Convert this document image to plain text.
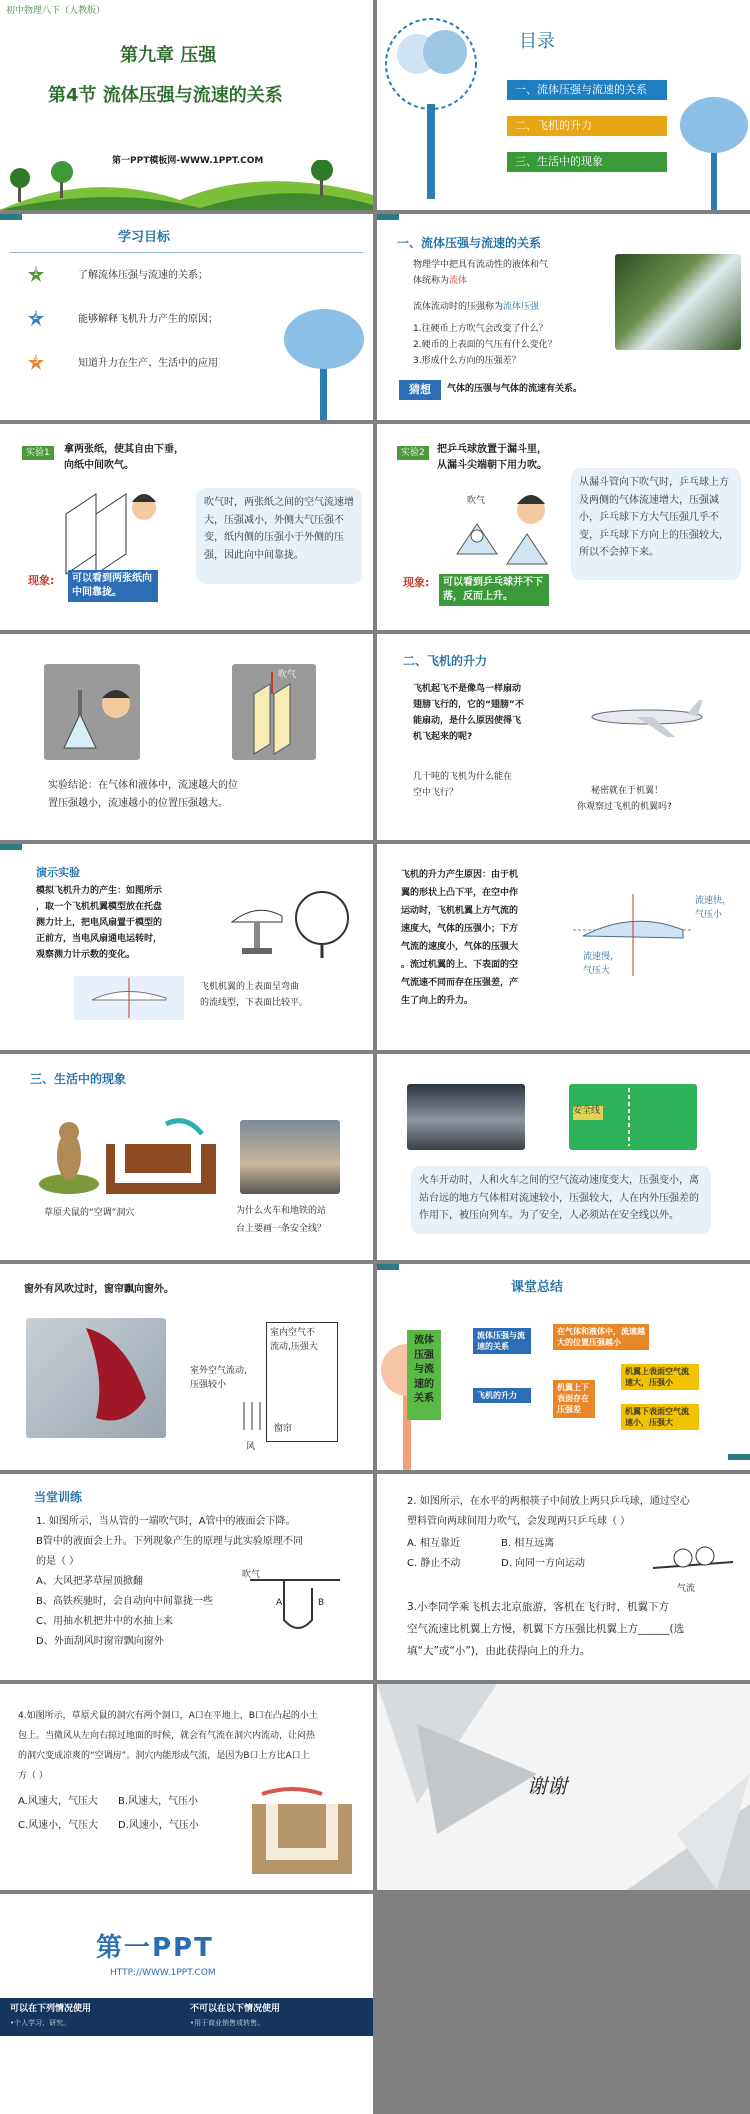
初中物理八下（人教版）
第九章 压强
第4节 流体压强与流速的关系
第一PPT模板网-WWW.1PPT.COM
目录
一、流体压强与流速的关系
二、飞机的升力
三、生活中的现象
学习目标
1	了解流体压强与流速的关系；
2	能够解释飞机升力产生的原因；
3	知道升力在生产、生活中的应用
一、流体压强与流速的关系
物理学中把具有流动性的液体和气
体统称为流体
流体流动时的压强称为流体压强
1.往硬币上方吹气会改变了什么？
2.硬币的上表面的气压有什么变化？
3.形成什么方向的压强差？
猜想	气体的压强与气体的流速有关系。
实验1	拿两张纸，使其自由下垂，
向纸中间吹气。
吹气时，两张纸之间的空气流速增大，压强减小，外侧大气压强不变，纸内侧的压强小于外侧的压强，因此向中间靠拢。
现象:	可以看到两张纸向中间靠拢。
实验2	把乒乓球放置于漏斗里，
从漏斗尖端朝下用力吹。
吹气
从漏斗管向下吹气时，乒乓球上方及两侧的气体流速增大，压强减小，乒乓球下方大气压强几乎不变，乒乓球下方向上的压强较大，所以不会掉下来。
现象:	可以看到乒乓球并不下落，反而上升。
吹气
实验结论：在气体和液体中，流速越大的位
置压强越小，流速越小的位置压强越大。
二、飞机的升力
飞机起飞不是像鸟一样扇动
翅膀飞行的，它的“翅膀”不
能扇动，是什么原因使得飞
机飞起来的呢?
几十吨的飞机为什么能在
空中飞行？	秘密就在于机翼！
你观察过飞机的机翼吗?
演示实验
模拟飞机升力的产生：如图所示
，取一个飞机机翼模型放在托盘
测力计上，把电风扇置于模型的
正前方，当电风扇通电运转时，
观察测力计示数的变化。
飞机机翼的上表面呈弯曲
的流线型，下表面比较平。
飞机的升力产生原因：由于机
翼的形状上凸下平，在空中作
运动时，飞机机翼上方气流的
速度大，气体的压强小；下方
气流的速度小，气体的压强大
。流过机翼的上、下表面的空
气流速不同而存在压强差，产
生了向上的升力。
流速快，
气压小
流速慢，
气压大
三、生活中的现象
草原犬鼠的“空调”洞穴	为什么火车和地铁的站
台上要画一条安全线？
安全线
火车开动时，人和火车之间的空气流动速度变大，压强变小，离站台远的地方气体相对流速较小，压强较大，人在内外压强差的作用下，被压向列车。为了安全，人必须站在安全线以外。
窗外有风吹过时，窗帘飘向窗外。
室内空气不
流动,压强大
室外空气流动,
压强较小
风
窗帘
课堂总结
流体
压强
与流
速的
关系
流体压强与流速的关系
在气体和液体中，流速越大的位置压强越小
飞机的升力
机翼上下表面存在压强差
机翼上表面空气流速大，压强小
机翼下表面空气流速小，压强大
当堂训练
1. 如图所示，当从管的一端吹气时，A管中的液面会下降。
B管中的液面会上升。下列现象产生的原理与此实验原理不同
的是（ ）
A、大风把茅草屋顶掀翻
B、高铁疾驰时，会自动向中间靠拢一些
C、用抽水机把井中的水抽上来
D、外面刮风时窗帘飘向窗外
吹气
A	B
2. 如图所示，在水平的两根筷子中间放上两只乒乓球，通过空心
塑料管向两球间用力吹气，会发现两只乒乓球（ ）
A. 相互靠近	B. 相互远离
C. 静止不动	D. 向同一方向运动
气流
3.小李同学乘飞机去北京旅游，客机在飞行时，机翼下方
空气流速比机翼上方慢，机翼下方压强比机翼上方______(选
填“大”或“小”)，由此获得向上的升力。
4.如图所示，草原犬鼠的洞穴有两个洞口，A口在平地上，B口在凸起的小土
包上。当微风从左向右掠过地面的时候，就会有气流在洞穴内流动，让闷热
的洞穴变成凉爽的“空调房”。洞穴内能形成气流，是因为B口上方比A口上
方（ ）
A.风速大，气压大 B.风速大，气压小
C.风速小，气压大 D.风速小，气压小
谢谢
第一PPT
HTTP://WWW.1PPT.COM
可以在下列情况使用
•个人学习、研究。
不可以在以下情况使用
•用于商业销售或转售。
